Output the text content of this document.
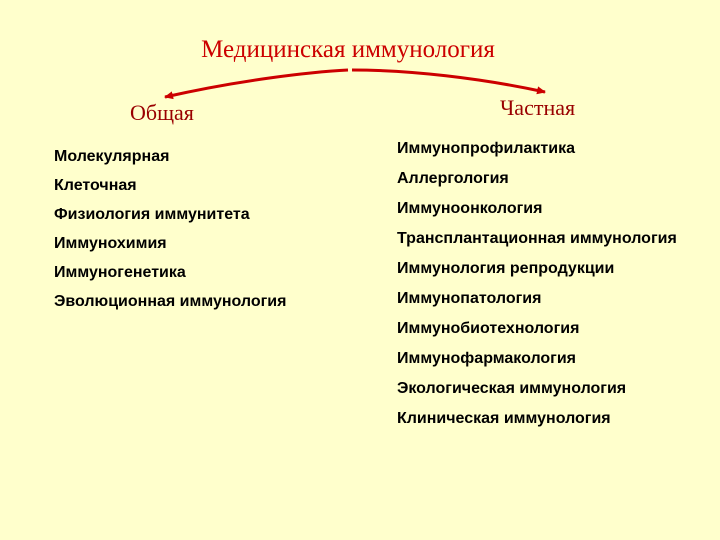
Медицинская иммунология
Общая	Частная
Молекулярная
Клеточная
Физиология иммунитета
Иммунохимия
Иммуногенетика
Эволюционная иммунология
Иммунопрофилактика
Аллергология
Иммуноонкология
Трансплантационная иммунология
Иммунология репродукции
Иммунопатология
Иммунобиотехнология
Иммунофармакология
Экологическая иммунология
Клиническая иммунология
